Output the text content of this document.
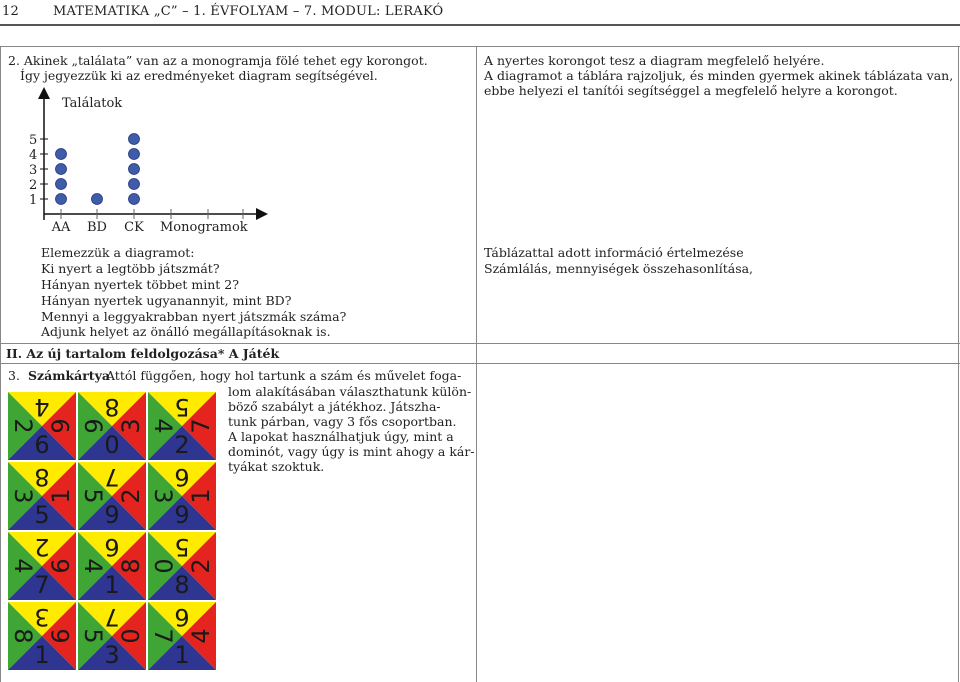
12	MATEMATIKA „C” – 1. ÉVFOLYAM – 7. MODUL: LERAKÓ
2. Akinek „találata” van az a monogramja fölé tehet egy korongot.
Így jegyezzük ki az eredményeket diagram segítségével.
Találatok
Monogramok
1
2
3
4
5
AA BD CK
Elemezzük a diagramot:
Ki nyert a legtöbb játszmát?
Hányan nyertek többet mint 2?
Hányan nyertek ugyanannyit, mint BD?
Mennyi a leggyakrabban nyert játszmák száma?
Adjunk helyet az önálló megállapításoknak is.
A nyertes korongot tesz a diagram megfelelő helyére.
A diagramot a táblára rajzoljuk, és minden gyermek akinek táblázata van,
ebbe helyezi el tanítói segítséggel a megfelelő helyre a korongot.
Táblázattal adott információ értelmezése
Számlálás, mennyiségek összehasonlítása,
II. Az új tartalom feldolgozása* A Játék
3. Számkártya
Attól függően, hogy hol tartunk a szám és művelet foga-
lom alakításában választhatunk külön-
böző szabályt a játékhoz. Játszha-
tunk párban, vagy 3 fős csoportban.
A lapokat használhatjuk úgy, mint a
dominót, vagy úgy is mint ahogy a kár-
tyákat szoktuk.
4
2 9
6
8
6 3
0
5
4 7
2
8
3 1
5
7
5 2
9
6
3 1
9
2
4 6
7
6
4 8
1
5
0 2
8
3
8 6
1
7
5 0
3
6
7 4
1
